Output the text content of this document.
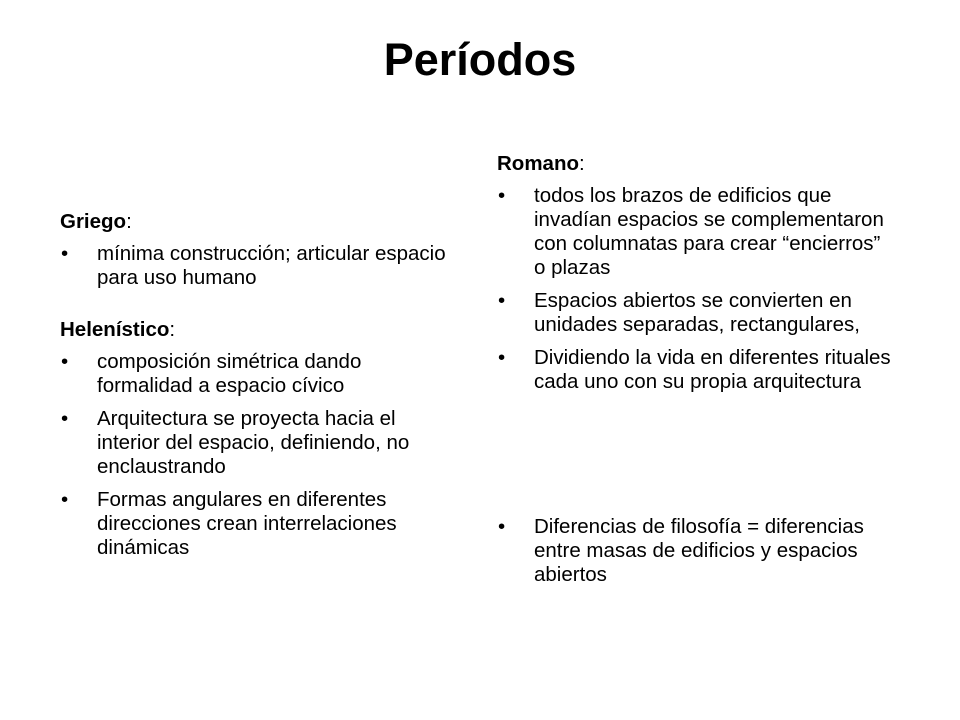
Períodos
Griego:
• mínima construcción; articular espacio para uso humano
Helenístico:
• composición simétrica dando formalidad a espacio cívico
• Arquitectura se proyecta hacia el interior del espacio, definiendo, no enclaustrando
• Formas angulares en diferentes direcciones crean interrelaciones dinámicas
Romano:
• todos los brazos de edificios que invadían espacios se complementaron con columnatas para crear “encierros” o plazas
• Espacios abiertos se convierten en unidades separadas, rectangulares,
• Dividiendo la vida en diferentes rituales cada uno con su propia arquitectura
• Diferencias de filosofía = diferencias entre masas de edificios y espacios abiertos
